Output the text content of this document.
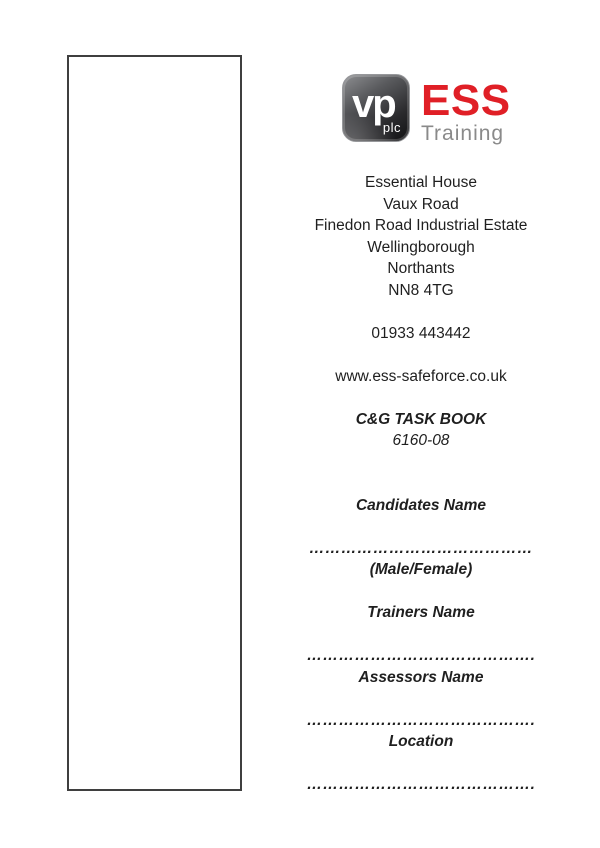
vp
plc
ESS
Training
Essential House
Vaux Road
Finedon Road Industrial Estate
Wellingborough
Northants
NN8 4TG
01933 443442
www.ess-safeforce.co.uk
C&G TASK BOOK
6160-08
Candidates Name
……………………………………
(Male/Female)
Trainers Name
…………………………………….
Assessors Name
…………………………………….
Location
…………………………………….
